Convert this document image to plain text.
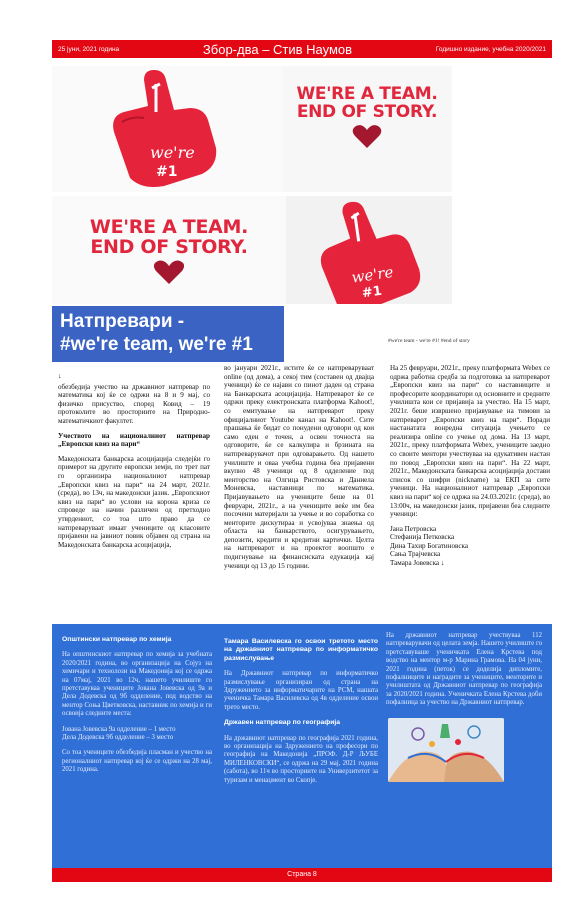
25 јуни, 2021 година	Збор-два – Стив Наумов	Годишно издание, учебна 2020/2021
we're
#1
WE'RE A TEAM.
END OF STORY.
WE'RE A TEAM.
END OF STORY.
we're
#1
Натпревари -
#we're team, we're #1	#we're team - we're #1! #end of story

↓

обезбедија учество на државниот натпревар по математика кој ќе се одржи на 8 и 9 мај, со физичко присуство, според Ковид – 19 протоколите во просториите на Природно-математичкиот факултет.

Учеството на националниот натпревар „Европски квиз на пари“

Македонската банкарска асоцијација следејќи го примерот на другите европски земји, по трет пат го организира националниот натпревар „Европски квиз на пари“ на 24 март, 2021г. (среда), во 13ч, на македонски јазик. „Европскиот квиз на пари“ во услови на корона криза се спроведе на начин различен од претходно утврдениот, со тоа што право да се натпреваруваат имаат учениците од класовите пријавени на јавниот повик објавен од страна на Македонската банкарска асоцијација,

во јануари 2021г., истите ќе се натпреваруваат online (од дома), а секој тим (составен од двајца ученици) ќе се најави со пинот даден од страна на Банкарската асоцијација. Натпреварот ќе се одржи преку електронската платформа Kahoot!, со емитување на натпреварот преку официјалниот Youtube канал на Kahoot!. Сите прашања ќе бидат со понудени одговори од кои само еден е точен, а освен точноста на одговорите, ќе се калкулира и брзината на натпреварувачот при одговарањето. Од нашето училиште и оваа учебна година беа пријавени вкупно 48 ученици од 8 одделение под менторство на Олгица Ристовска и Даниела Моневска, наставници по математика. Пријавувањето на учениците беше на 01 февруари, 2021г., а на учениците веќе им беа посочени материјали за учење и во соработка со менторите дискутираа и усвојуваа знаења од областа на банкарството, осигурувањето, депозити, кредити и кредитни картички. Целта на натпреварот и на проектот воопшто е подигнување на финансиската едукација кај ученици од 13 до 15 години.

На 25 февруари, 2021г., преку платформата Webex се одржа работна средба за подготовка за натпреварот „Европски квиз на пари“ со наставниците и професорите координатори од основните и средните училишта кои се пријавија за учество. На 15 март, 2021г. беше извршено пријавување на тимови за натпреварот „Европски квиз на пари“. Поради настанатата вонредна ситуација учењето се реализира online со учење од дома. На 13 март, 2021г., преку платформата Webex, учениците заедно со своите ментори учествуваа на едукативен настан по повод „Европски квиз на пари“. На 22 март, 2021г., Македонската банкарска асоцијација достави список со шифри (nickname) за ЕКП за сите ученици. На националниот натпревар „Европски квиз на пари“ кој се одржа на 24.03.2021г. (среда), во 13:00ч, на македонски јазик, пријавени беа следните ученици:

Јана Петровска
Стефанија Петковска
Дина Тахир Богатиновска
Сања Трајчевска
Тамара Јовевска ↓

Општински натпревар по хемија

На општинскиот натпревар по хемија за учебната 2020/2021 година, во организација на Сојуз на хемичари и технолози на Македонија кој се одржа на 07мај, 2021 во 12ч, нашето училиште го претставуваа учениците Јована Јовевска од 9а и Дела Додевска од 9б одделение, под водство на ментор Соња Цветковска, наставник по хемија и ги освоија следните места:

Јована Јовевска 9а одделение – 1 место

Дела Додевска 9б одделение – 3 место

Со тоа учениците обезбедија пласман и учество на регионалниот натпревар кој ќе се одржи на 28 мај, 2021 година.

Тамара Василевска го освои третото место на државниот натпревар по информатичко размислување

На Државниот натпревар по информатичко размислување организиран од страна на Здружението за информатичарите на РСМ, нашата ученичка Тамара Василевска од 4в одделение освои трето место.

Државен натпревар по географија

На државниот натпревар по географија 2021 година, во организација на Здружението на професори по географија на Македонија „ПРОФ. Д-Р ЉУБЕ МИЛЕНКОВСКИ“, се одржа на 29 мај, 2021 година (сабота), во 11ч во просториите на Универзитетот за туризам и менаџмент во Скопје.

На државниот натпревар учествуваа 112 натпреварувачи од целата земја. Нашето училиште го претставуваше ученичката Елена Крстева под водство на ментор м-р Марина Грамова. На 04 јуни, 2021 година (петок) се доделија дипломите, пофалниците и наградите за учениците, менторите и училиштата од Државниот натпревар по географија за 2020/2021 година. Ученичката Елена Крстева доби пофалница за учество на Државниот натпревар.

Страна 8
